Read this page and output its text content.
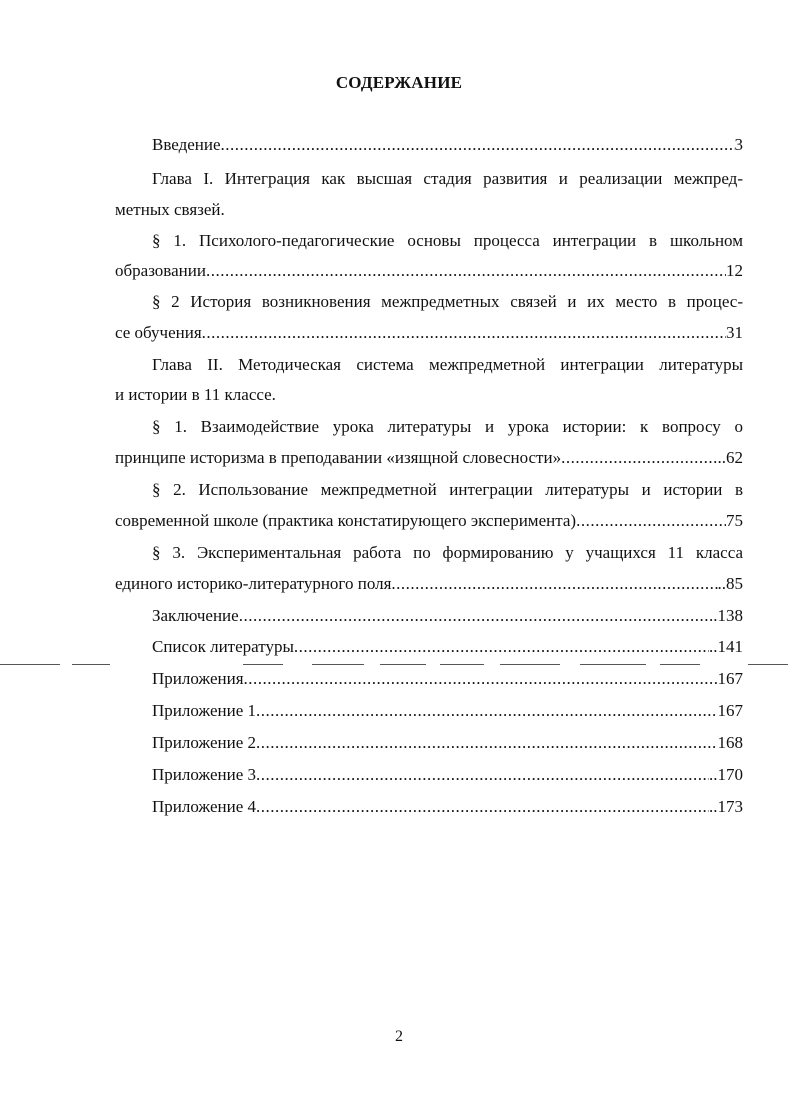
СОДЕРЖАНИЕ
Введение .....	3
Глава I. Интеграция как высшая стадия развития и реализации межпред-
метных связей.
§ 1. Психолого-педагогические основы процесса интеграции в школьном
образовании .....	12
§ 2 История возникновения межпредметных связей и их место в процес-
се обучения .....	31
Глава II. Методическая система межпредметной интеграции литературы
и истории в 11 классе.
§ 1. Взаимодействие урока литературы и урока истории: к вопросу о
принципе историзма в преподавании «изящной словесности» .....	..62
§ 2. Использование межпредметной интеграции литературы и истории в
современной школе (практика констатирующего эксперимента) .....	75
§ 3. Экспериментальная работа по формированию у учащихся 11 класса
единого историко-литературного поля .....	..85
Заключение .....	..138
Список литературы .....	..141
Приложения .....	167
Приложение 1 .....	167
Приложение 2 .....	168
Приложение 3 .....	..170
Приложение 4 .....	..173
2
